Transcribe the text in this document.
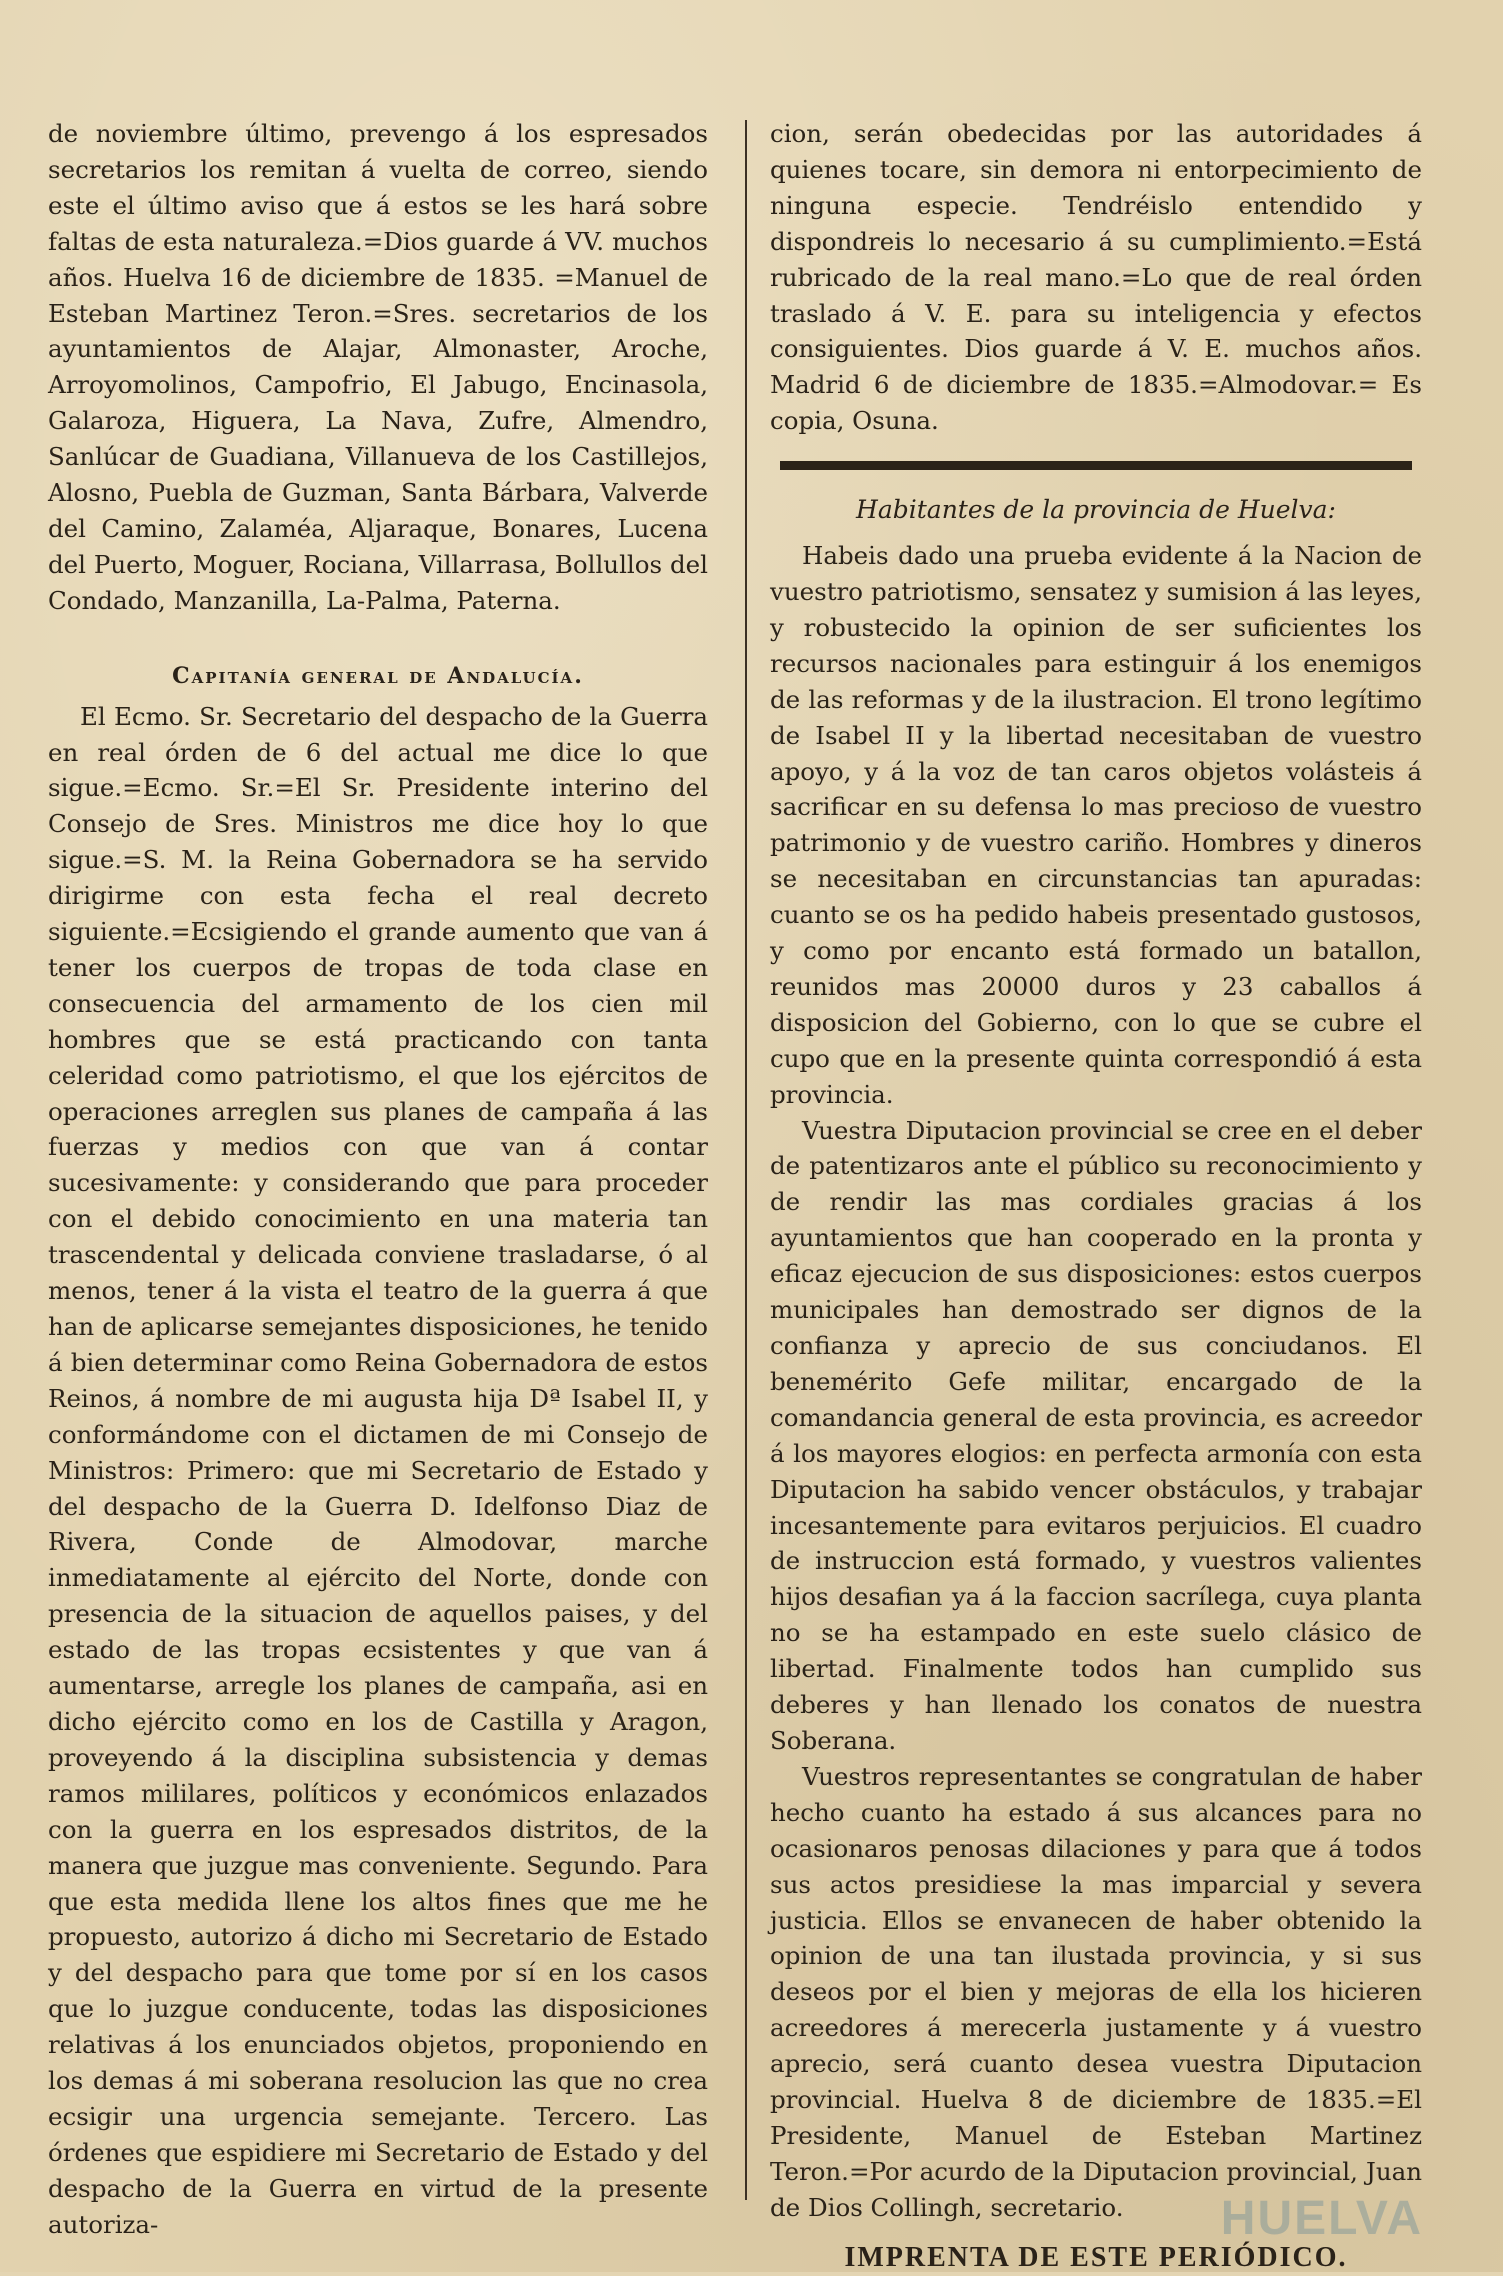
de noviembre último, prevengo á los espresados secretarios los remitan á vuelta de correo, siendo este el último aviso que á estos se les hará sobre faltas de esta naturaleza.=Dios guarde á VV. muchos años. Huelva 16 de diciembre de 1835. =Manuel de Esteban Martinez Teron.=Sres. secretarios de los ayuntamientos de Alajar, Almonaster, Aroche, Arroyomolinos, Campofrio, El Jabugo, Encinasola, Galaroza, Higuera, La Nava, Zufre, Almendro, Sanlúcar de Guadiana, Villanueva de los Castillejos, Alosno, Puebla de Guzman, Santa Bárbara, Valverde del Camino, Zalaméa, Aljaraque, Bonares, Lucena del Puerto, Moguer, Rociana, Villarrasa, Bollullos del Condado, Manzanilla, La-Palma, Paterna.

Capitanía general de Andalucía.

El Ecmo. Sr. Secretario del despacho de la Guerra en real órden de 6 del actual me dice lo que sigue.=Ecmo. Sr.=El Sr. Presidente interino del Consejo de Sres. Ministros me dice hoy lo que sigue.=S. M. la Reina Gobernadora se ha servido dirigirme con esta fecha el real decreto siguiente.=Ecsigiendo el grande aumento que van á tener los cuerpos de tropas de toda clase en consecuencia del armamento de los cien mil hombres que se está practicando con tanta celeridad como patriotismo, el que los ejércitos de operaciones arreglen sus planes de campaña á las fuerzas y medios con que van á contar sucesivamente: y considerando que para proceder con el debido conocimiento en una materia tan trascendental y delicada conviene trasladarse, ó al menos, tener á la vista el teatro de la guerra á que han de aplicarse semejantes disposiciones, he tenido á bien determinar como Reina Gobernadora de estos Reinos, á nombre de mi augusta hija Dª Isabel II, y conformándome con el dictamen de mi Consejo de Ministros: Primero: que mi Secretario de Estado y del despacho de la Guerra D. Idelfonso Diaz de Rivera, Conde de Almodovar, marche inmediatamente al ejército del Norte, donde con presencia de la situacion de aquellos paises, y del estado de las tropas ecsistentes y que van á aumentarse, arregle los planes de campaña, asi en dicho ejército como en los de Castilla y Aragon, proveyendo á la disciplina subsistencia y demas ramos mililares, políticos y económicos enlazados con la guerra en los espresados distritos, de la manera que juzgue mas conveniente. Segundo. Para que esta medida llene los altos fines que me he propuesto, autorizo á dicho mi Secretario de Estado y del despacho para que tome por sí en los casos que lo juzgue conducente, todas las disposiciones relativas á los enunciados objetos, proponiendo en los demas á mi soberana resolucion las que no crea ecsigir una urgencia semejante. Tercero. Las órdenes que espidiere mi Secretario de Estado y del despacho de la Guerra en virtud de la presente autoriza-

cion, serán obedecidas por las autoridades á quienes tocare, sin demora ni entorpecimiento de ninguna especie. Tendréislo entendido y dispondreis lo necesario á su cumplimiento.=Está rubricado de la real mano.=Lo que de real órden traslado á V. E. para su inteligencia y efectos consiguientes. Dios guarde á V. E. muchos años. Madrid 6 de diciembre de 1835.=Almodovar.= Es copia, Osuna.

Habitantes de la provincia de Huelva:

Habeis dado una prueba evidente á la Nacion de vuestro patriotismo, sensatez y sumision á las leyes, y robustecido la opinion de ser suficientes los recursos nacionales para estinguir á los enemigos de las reformas y de la ilustracion. El trono legítimo de Isabel II y la libertad necesitaban de vuestro apoyo, y á la voz de tan caros objetos volásteis á sacrificar en su defensa lo mas precioso de vuestro patrimonio y de vuestro cariño. Hombres y dineros se necesitaban en circunstancias tan apuradas: cuanto se os ha pedido habeis presentado gustosos, y como por encanto está formado un batallon, reunidos mas 20000 duros y 23 caballos á disposicion del Gobierno, con lo que se cubre el cupo que en la presente quinta correspondió á esta provincia.

Vuestra Diputacion provincial se cree en el deber de patentizaros ante el público su reconocimiento y de rendir las mas cordiales gracias á los ayuntamientos que han cooperado en la pronta y eficaz ejecucion de sus disposiciones: estos cuerpos municipales han demostrado ser dignos de la confianza y aprecio de sus conciudanos. El benemérito Gefe militar, encargado de la comandancia general de esta provincia, es acreedor á los mayores elogios: en perfecta armonía con esta Diputacion ha sabido vencer obstáculos, y trabajar incesantemente para evitaros perjuicios. El cuadro de instruccion está formado, y vuestros valientes hijos desafian ya á la faccion sacrílega, cuya planta no se ha estampado en este suelo clásico de libertad. Finalmente todos han cumplido sus deberes y han llenado los conatos de nuestra Soberana.

Vuestros representantes se congratulan de haber hecho cuanto ha estado á sus alcances para no ocasionaros penosas dilaciones y para que á todos sus actos presidiese la mas imparcial y severa justicia. Ellos se envanecen de haber obtenido la opinion de una tan ilustada provincia, y si sus deseos por el bien y mejoras de ella los hicieren acreedores á merecerla justamente y á vuestro aprecio, será cuanto desea vuestra Diputacion provincial. Huelva 8 de diciembre de 1835.=El Presidente, Manuel de Esteban Martinez Teron.=Por acurdo de la Diputacion provincial, Juan de Dios Collingh, secretario.

IMPRENTA DE ESTE PERIÓDICO.
HUELVA
